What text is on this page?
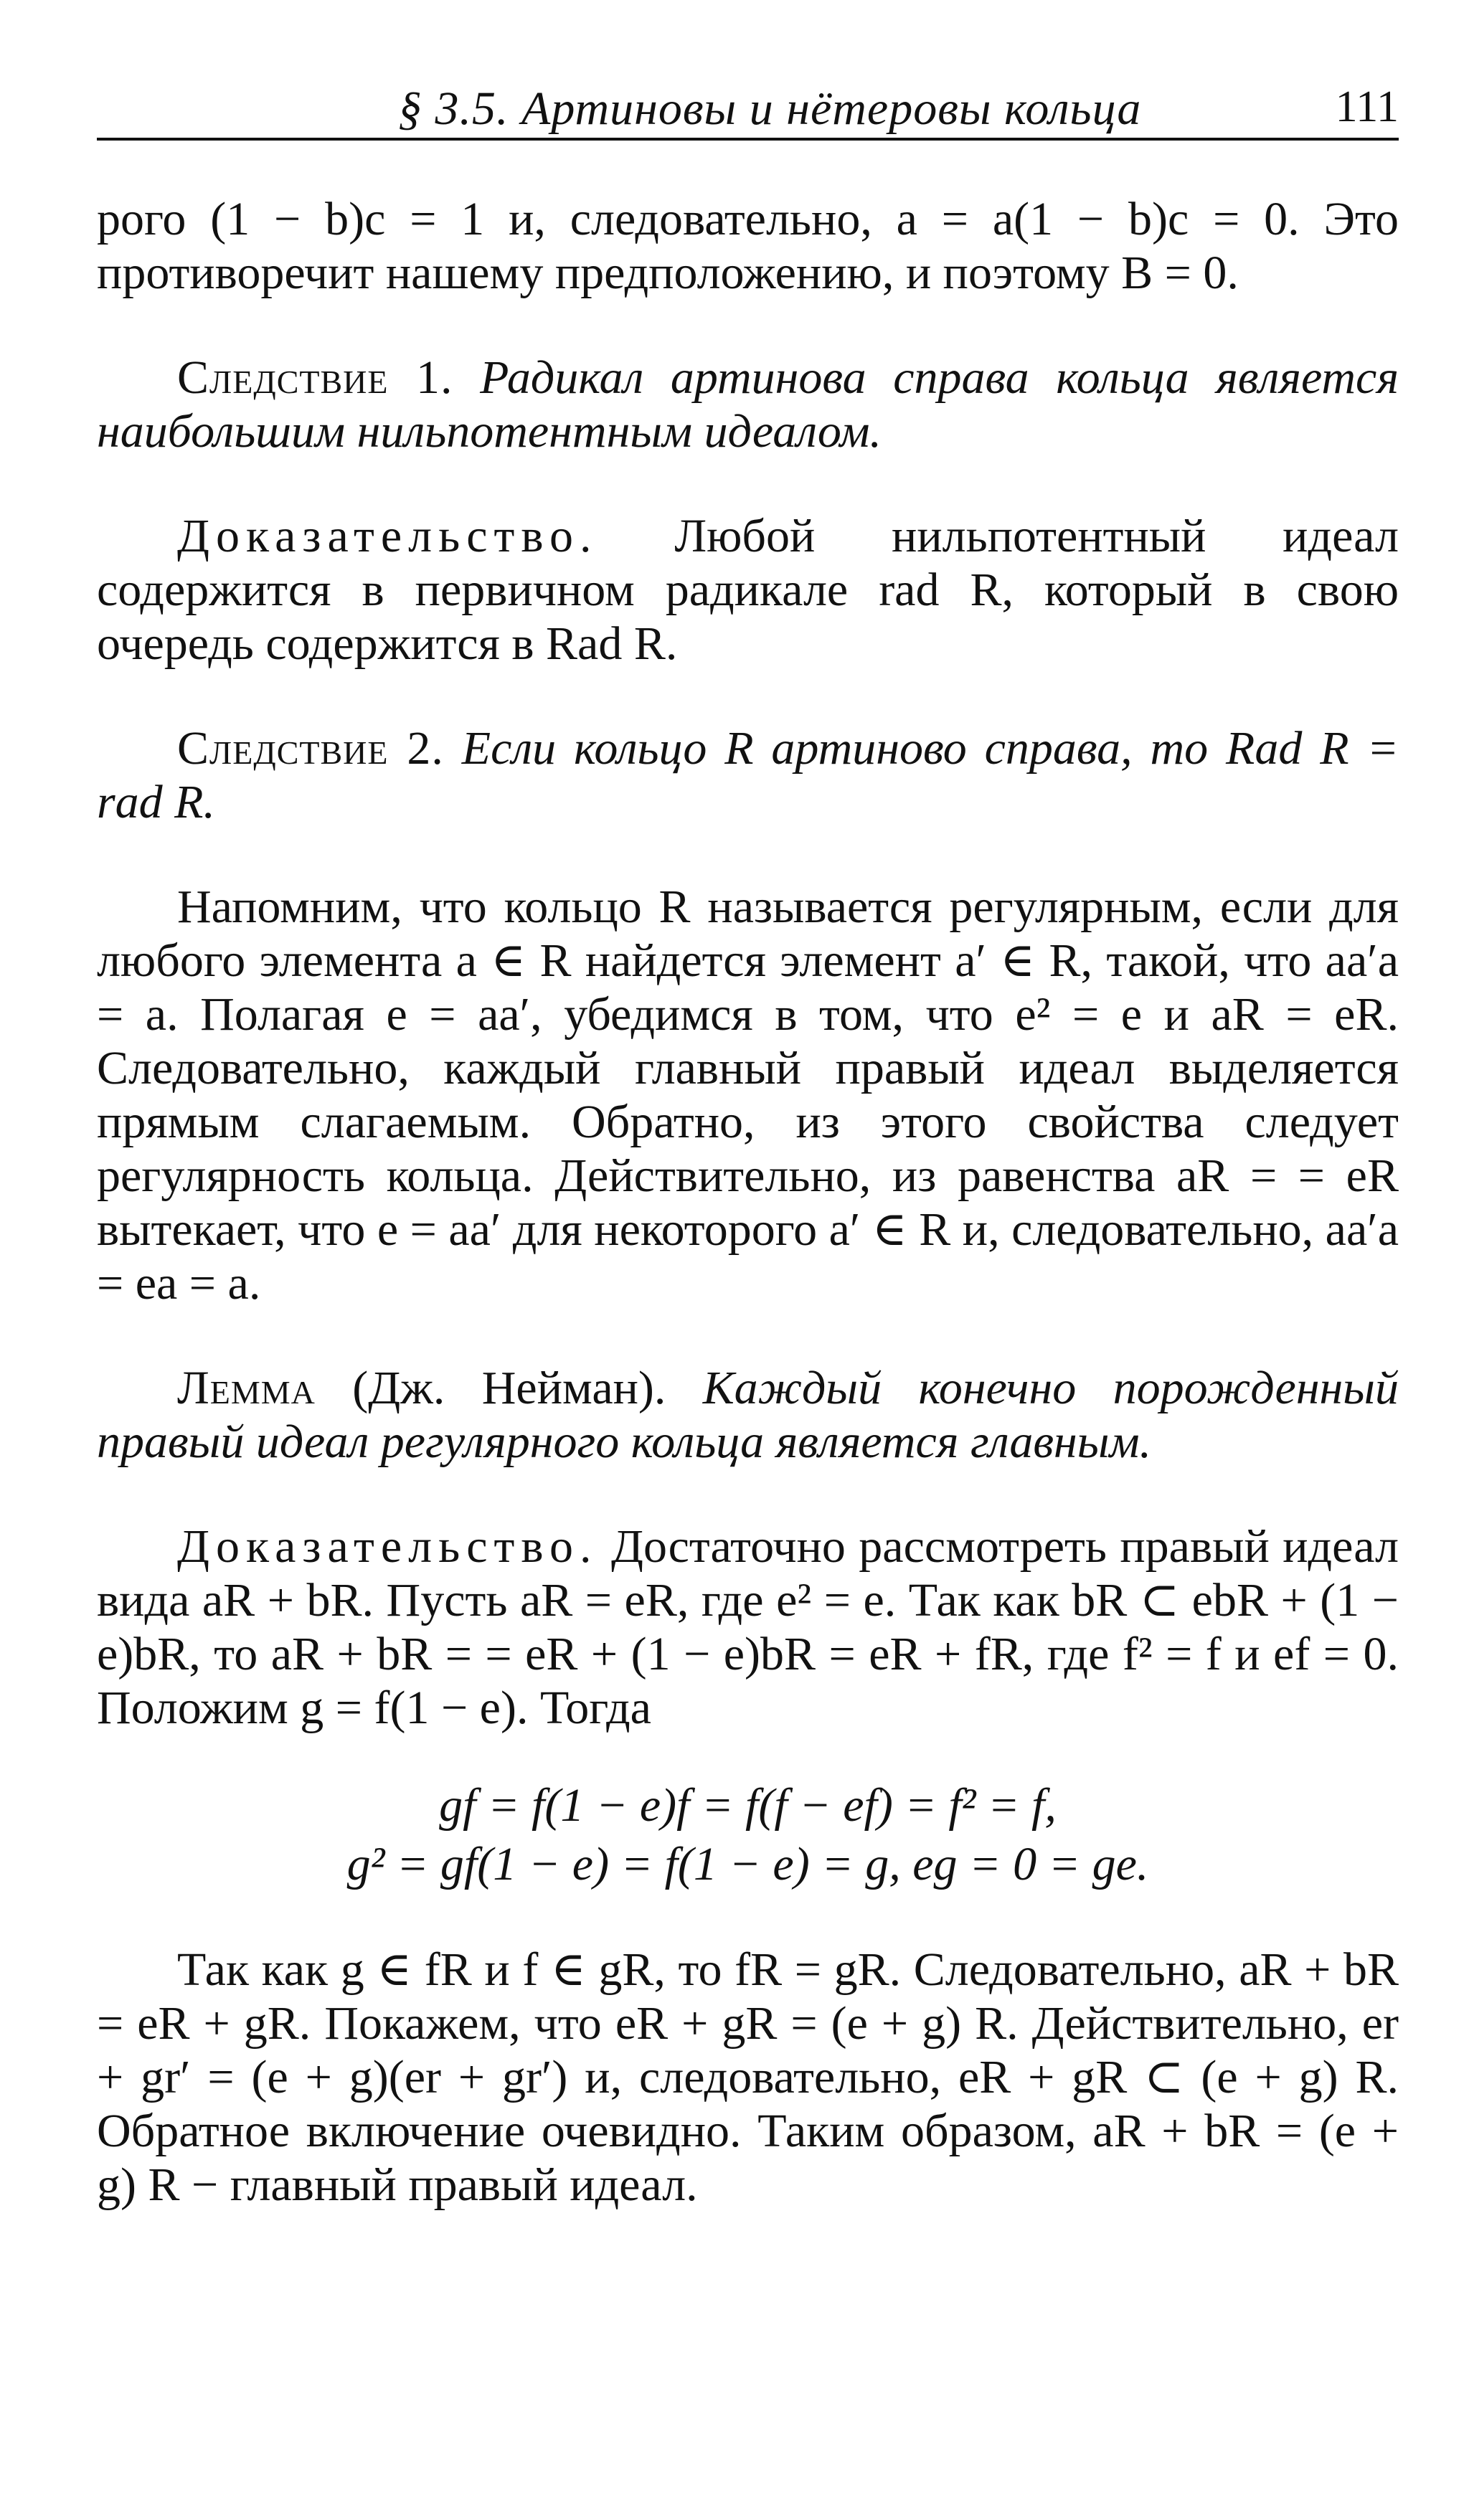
§ 3.5. Артиновы и нётеровы кольца	111

рого (1 − b)c = 1 и, следовательно, a = a(1 − b)c = 0. Это противоречит нашему предположению, и поэтому B = 0.

Следствие 1. Радикал артинова справа кольца является наибольшим нильпотентным идеалом.

Доказательство. Любой нильпотентный идеал содержится в первичном радикале rad R, который в свою очередь содержится в Rad R.

Следствие 2. Если кольцо R артиново справа, то Rad R = rad R.

Напомним, что кольцо R называется регулярным, если для любого элемента a ∈ R найдется элемент a′ ∈ R, такой, что aa′a = a. Полагая e = aa′, убедимся в том, что e² = e и aR = eR. Следовательно, каждый главный правый идеал выделяется прямым слагаемым. Обратно, из этого свойства следует регулярность кольца. Действительно, из равенства aR = = eR вытекает, что e = aa′ для некоторого a′ ∈ R и, следовательно, aa′a = ea = a.

Лемма (Дж. Нейман). Каждый конечно порожденный правый идеал регулярного кольца является главным.

Доказательство. Достаточно рассмотреть правый идеал вида aR + bR. Пусть aR = eR, где e² = e. Так как bR ⊂ ebR + (1 − e)bR, то aR + bR = = eR + (1 − e)bR = eR + fR, где f² = f и ef = 0. Положим g = f(1 − e). Тогда

gf = f(1 − e)f = f(f − ef) = f² = f,
g² = gf(1 − e) = f(1 − e) = g, eg = 0 = ge.

Так как g ∈ fR и f ∈ gR, то fR = gR. Следовательно, aR + bR = eR + gR. Покажем, что eR + gR = (e + g) R. Действительно, er + gr′ = (e + g)(er + gr′) и, следовательно, eR + gR ⊂ (e + g) R. Обратное включение очевидно. Таким образом, aR + bR = (e + g) R − главный правый идеал.
